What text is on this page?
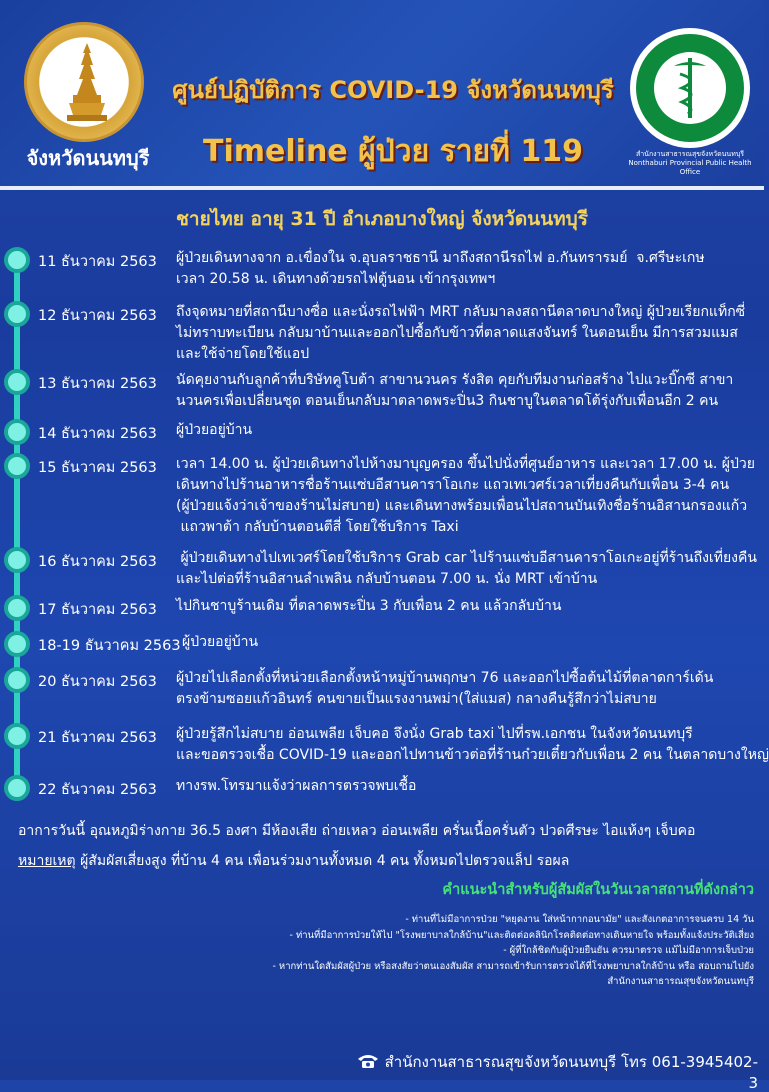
จังหวัดนนทบุรี	สำนักงานสาธารณสุขจังหวัดนนทบุรี
Nonthaburi Provincial Public Health Office
ศูนย์ปฏิบัติการ COVID-19 จังหวัดนนทบุรี
Timeline ผู้ป่วย รายที่ 119
ชายไทย อายุ 31 ปี อำเภอบางใหญ่ จังหวัดนนทบุรี
11 ธันวาคม 2563 ผู้ป่วยเดินทางจาก อ.เขื่องใน จ.อุบลราชธานี มาถึงสถานีรถไฟ อ.กันทรารมย์  จ.ศรีษะเกษ
เวลา 20.58 น. เดินทางด้วยรถไฟตู้นอน เข้ากรุงเทพฯ
12 ธันวาคม 2563 ถึงจุดหมายที่สถานีบางซื่อ และนั่งรถไฟฟ้า MRT กลับมาลงสถานีตลาดบางใหญ่ ผู้ป่วยเรียกแท็กซี่
ไม่ทราบทะเบียน กลับมาบ้านและออกไปซื้อกับข้าวที่ตลาดแสงจันทร์ ในตอนเย็น มีการสวมแมส
และใช้จ่ายโดยใช้แอป
13 ธันวาคม 2563 นัดคุยงานกับลูกค้าที่บริษัทคูโบต้า สาขานวนคร รังสิต คุยกับทีมงานก่อสร้าง ไปแวะบิ๊กซี สาขา
นวนครเพื่อเปลี่ยนชุด ตอนเย็นกลับมาตลาดพระปิ่น3 กินชาบูในตลาดโต้รุ่งกับเพื่อนอีก 2 คน
14 ธันวาคม 2563 ผู้ป่วยอยู่บ้าน
15 ธันวาคม 2563 เวลา 14.00 น. ผู้ป่วยเดินทางไปห้างมาบุญครอง ขึ้นไปนั่งที่ศูนย์อาหาร และเวลา 17.00 น. ผู้ป่วย
เดินทางไปร้านอาหารชื่อร้านแซ่บอีสานคาราโอเกะ แถวเทเวศร์เวลาเที่ยงคืนกับเพื่อน 3-4 คน
(ผู้ป่วยแจ้งว่าเจ้าของร้านไม่สบาย) และเดินทางพร้อมเพื่อนไปสถานบันเทิงชื่อร้านอิสานกรองแก้ว
แถวพาต้า กลับบ้านตอนตีสี่ โดยใช้บริการ Taxi
16 ธันวาคม 2563 ผู้ป่วยเดินทางไปเทเวศร์โดยใช้บริการ Grab car ไปร้านแซ่บอีสานคาราโอเกะอยู่ที่ร้านถึงเที่ยงคืน
และไปต่อที่ร้านอิสานลำเพลิน กลับบ้านตอน 7.00 น. นั่ง MRT เข้าบ้าน
17 ธันวาคม 2563 ไปกินชาบูร้านเดิม ที่ตลาดพระปิ่น 3 กับเพื่อน 2 คน แล้วกลับบ้าน
18-19 ธันวาคม 2563 ผู้ป่วยอยู่บ้าน
20 ธันวาคม 2563 ผู้ป่วยไปเลือกตั้งที่หน่วยเลือกตั้งหน้าหมู่บ้านพฤกษา 76 และออกไปซื้อต้นไม้ที่ตลาดการ์เด้น
ตรงข้ามซอยแก้วอินทร์ คนขายเป็นแรงงานพม่า(ใส่แมส) กลางคืนรู้สึกว่าไม่สบาย
21 ธันวาคม 2563 ผู้ป่วยรู้สึกไม่สบาย อ่อนเพลีย เจ็บคอ จึงนั่ง Grab taxi ไปที่รพ.เอกชน ในจังหวัดนนทบุรี
และขอตรวจเชื้อ COVID-19 และออกไปทานข้าวต่อที่ร้านก๋วยเตี๋ยวกับเพื่อน 2 คน ในตลาดบางใหญ่
22 ธันวาคม 2563 ทางรพ.โทรมาแจ้งว่าผลการตรวจพบเชื้อ
อาการวันนี้ อุณหภูมิร่างกาย 36.5 องศา มีห้องเสีย ถ่ายเหลว อ่อนเพลีย ครั่นเนื้อครั่นตัว ปวดศีรษะ ไอแห้งๆ เจ็บคอ
หมายเหตุ ผู้สัมผัสเสี่ยงสูง ที่บ้าน 4 คน เพื่อนร่วมงานทั้งหมด 4 คน ทั้งหมดไปตรวจแล็ป รอผล
คำแนะนำสำหรับผู้สัมผัสในวันเวลาสถานที่ดังกล่าว
- ท่านที่ไม่มีอาการป่วย "หยุดงาน ใส่หน้ากากอนามัย" และสังเกตอาการจนครบ 14 วัน
- ท่านที่มีอาการป่วยให้ไป "โรงพยาบาลใกล้บ้าน"และติดต่อคลินิกโรคติดต่อทางเดินหายใจ พร้อมทั้งแจ้งประวัติเสี่ยง
- ผู้ที่ใกล้ชิดกับผู้ป่วยยืนยัน ควรมาตรวจ แม้ไม่มีอาการเจ็บป่วย
- หากท่านใดสัมผัสผู้ป่วย หรือสงสัยว่าตนเองสัมผัส สามารถเข้ารับการตรวจได้ที่โรงพยาบาลใกล้บ้าน หรือ สอบถามไปยัง
สำนักงานสาธารณสุขจังหวัดนนทบุรี
สำนักงานสาธารณสุขจังหวัดนนทบุรี โทร 061-3945402-3
